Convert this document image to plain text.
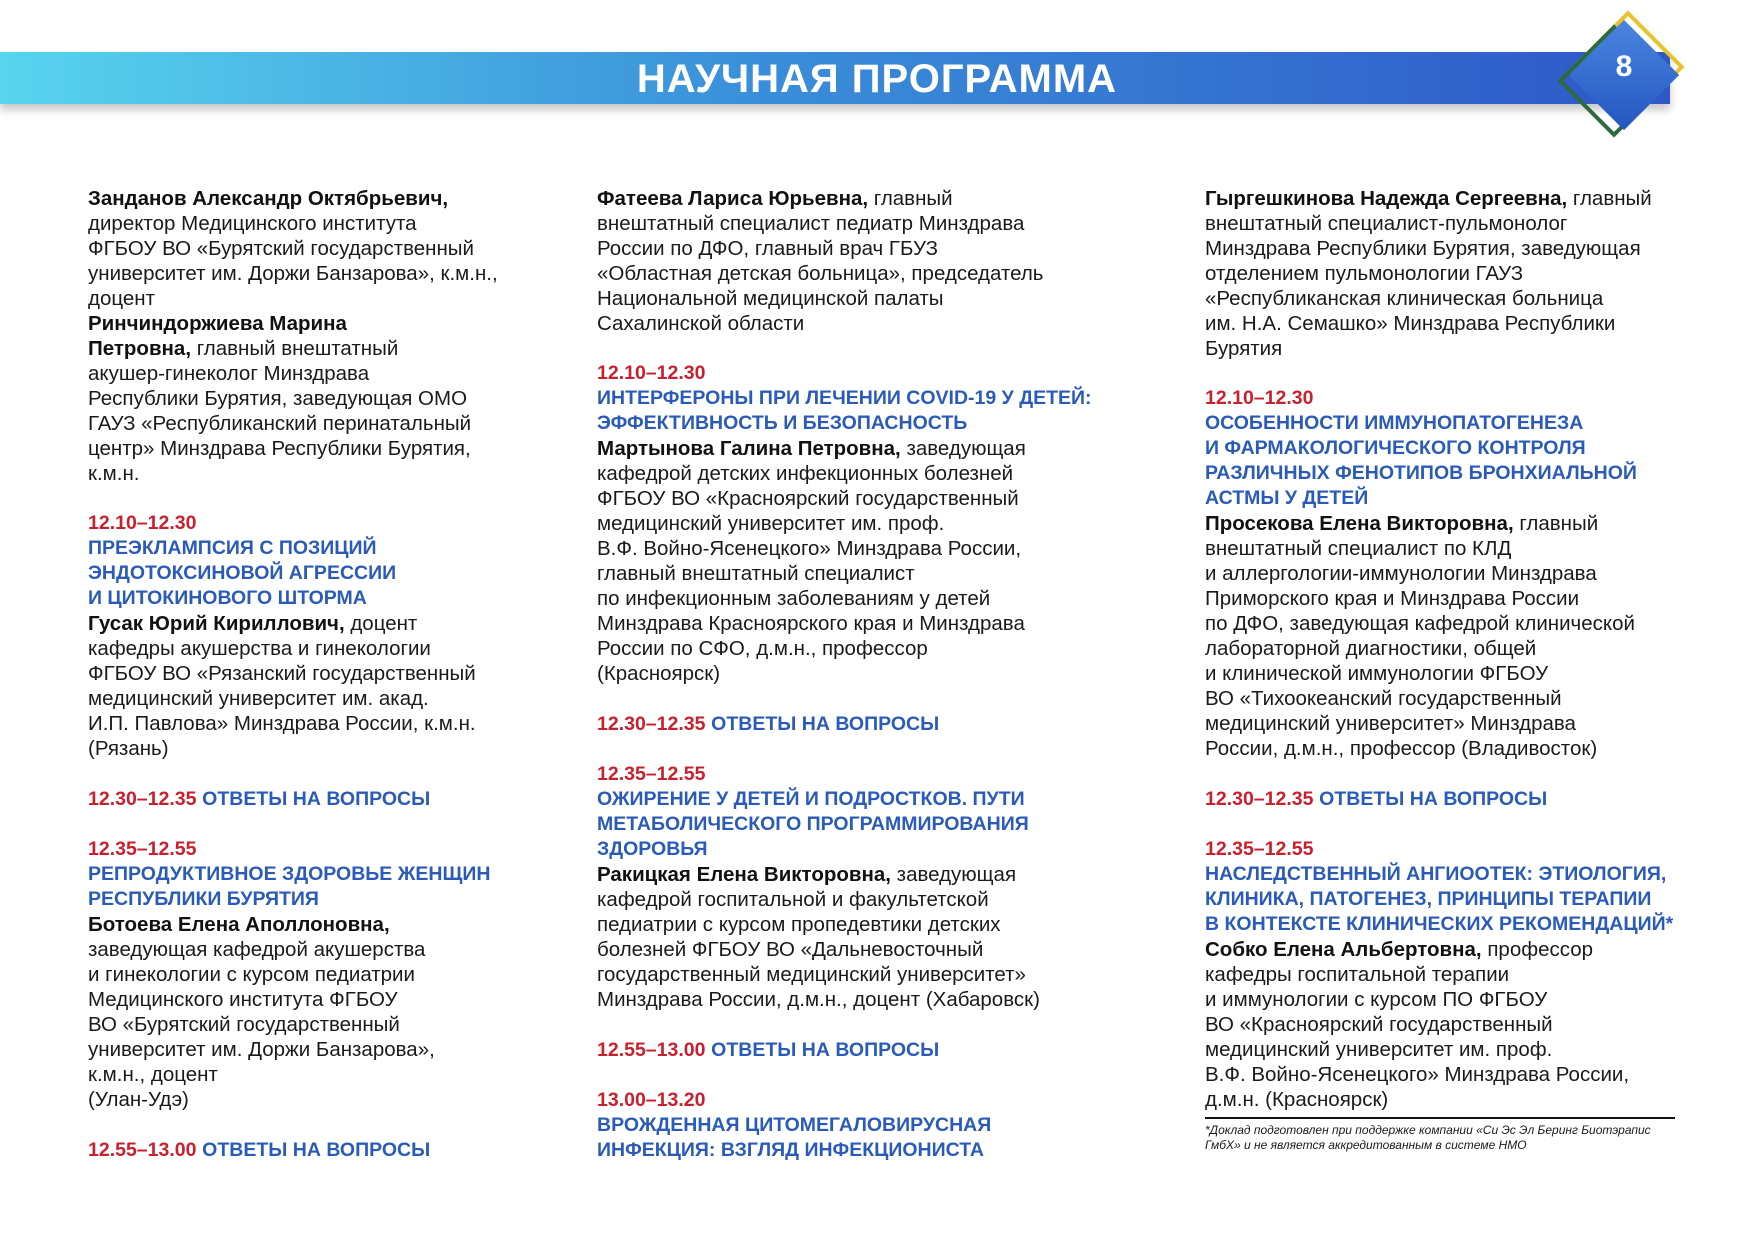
НАУЧНАЯ ПРОГРАММА	8
Занданов Александр Октябрьевич,
директор Медицинского института
ФГБОУ ВО «Бурятский государственный
университет им. Доржи Банзарова», к.м.н.,
доцент
Ринчиндоржиева Марина
Петровна, главный внештатный
акушер-гинеколог Минздрава
Республики Бурятия, заведующая ОМО
ГАУЗ «Республиканский перинатальный
центр» Минздрава Республики Бурятия,
к.м.н.
12.10–12.30
ПРЕЭКЛАМПСИЯ С ПОЗИЦИЙ
ЭНДОТОКСИНОВОЙ АГРЕССИИ
И ЦИТОКИНОВОГО ШТОРМА
Гусак Юрий Кириллович, доцент
кафедры акушерства и гинекологии
ФГБОУ ВО «Рязанский государственный
медицинский университет им. акад.
И.П. Павлова» Минздрава России, к.м.н.
(Рязань)
12.30–12.35 ОТВЕТЫ НА ВОПРОСЫ
12.35–12.55
РЕПРОДУКТИВНОЕ ЗДОРОВЬЕ ЖЕНЩИН
РЕСПУБЛИКИ БУРЯТИЯ
Ботоева Елена Аполлоновна,
заведующая кафедрой акушерства
и гинекологии с курсом педиатрии
Медицинского института ФГБОУ
ВО «Бурятский государственный
университет им. Доржи Банзарова»,
к.м.н., доцент
(Улан-Удэ)
12.55–13.00 ОТВЕТЫ НА ВОПРОСЫ
Фатеева Лариса Юрьевна, главный
внештатный специалист педиатр Минздрава
России по ДФО, главный врач ГБУЗ
«Областная детская больница», председатель
Национальной медицинской палаты
Сахалинской области
12.10–12.30
ИНТЕРФЕРОНЫ ПРИ ЛЕЧЕНИИ COVID-19 У ДЕТЕЙ:
ЭФФЕКТИВНОСТЬ И БЕЗОПАСНОСТЬ
Мартынова Галина Петровна, заведующая
кафедрой детских инфекционных болезней
ФГБОУ ВО «Красноярский государственный
медицинский университет им. проф.
В.Ф. Войно-Ясенецкого» Минздрава России,
главный внештатный специалист
по инфекционным заболеваниям у детей
Минздрава Красноярского края и Минздрава
России по СФО, д.м.н., профессор
(Красноярск)
12.30–12.35 ОТВЕТЫ НА ВОПРОСЫ
12.35–12.55
ОЖИРЕНИЕ У ДЕТЕЙ И ПОДРОСТКОВ. ПУТИ
МЕТАБОЛИЧЕСКОГО ПРОГРАММИРОВАНИЯ
ЗДОРОВЬЯ
Ракицкая Елена Викторовна, заведующая
кафедрой госпитальной и факультетской
педиатрии с курсом пропедевтики детских
болезней ФГБОУ ВО «Дальневосточный
государственный медицинский университет»
Минздрава России, д.м.н., доцент (Хабаровск)
12.55–13.00 ОТВЕТЫ НА ВОПРОСЫ
13.00–13.20
ВРОЖДЕННАЯ ЦИТОМЕГАЛОВИРУСНАЯ
ИНФЕКЦИЯ: ВЗГЛЯД ИНФЕКЦИОНИСТА
Гыргешкинова Надежда Сергеевна, главный
внештатный специалист-пульмонолог
Минздрава Республики Бурятия, заведующая
отделением пульмонологии ГАУЗ
«Республиканская клиническая больница
им. Н.А. Семашко» Минздрава Республики
Бурятия
12.10–12.30
ОСОБЕННОСТИ ИММУНОПАТОГЕНЕЗА
И ФАРМАКОЛОГИЧЕСКОГО КОНТРОЛЯ
РАЗЛИЧНЫХ ФЕНОТИПОВ БРОНХИАЛЬНОЙ
АСТМЫ У ДЕТЕЙ
Просекова Елена Викторовна, главный
внештатный специалист по КЛД
и аллергологии-иммунологии Минздрава
Приморского края и Минздрава России
по ДФО, заведующая кафедрой клинической
лабораторной диагностики, общей
и клинической иммунологии ФГБОУ
ВО «Тихоокеанский государственный
медицинский университет» Минздрава
России, д.м.н., профессор (Владивосток)
12.30–12.35 ОТВЕТЫ НА ВОПРОСЫ
12.35–12.55
НАСЛЕДСТВЕННЫЙ АНГИООТЕК: ЭТИОЛОГИЯ,
КЛИНИКА, ПАТОГЕНЕЗ, ПРИНЦИПЫ ТЕРАПИИ
В КОНТЕКСТЕ КЛИНИЧЕСКИХ РЕКОМЕНДАЦИЙ*
Собко Елена Альбертовна, профессор
кафедры госпитальной терапии
и иммунологии с курсом ПО ФГБОУ
ВО «Красноярский государственный
медицинский университет им. проф.
В.Ф. Войно-Ясенецкого» Минздрава России,
д.м.н. (Красноярск)
*Доклад подготовлен при поддержке компании «Си Эс Эл Беринг Биотэрапис
ГмбХ» и не является аккредитованным в системе НМО
